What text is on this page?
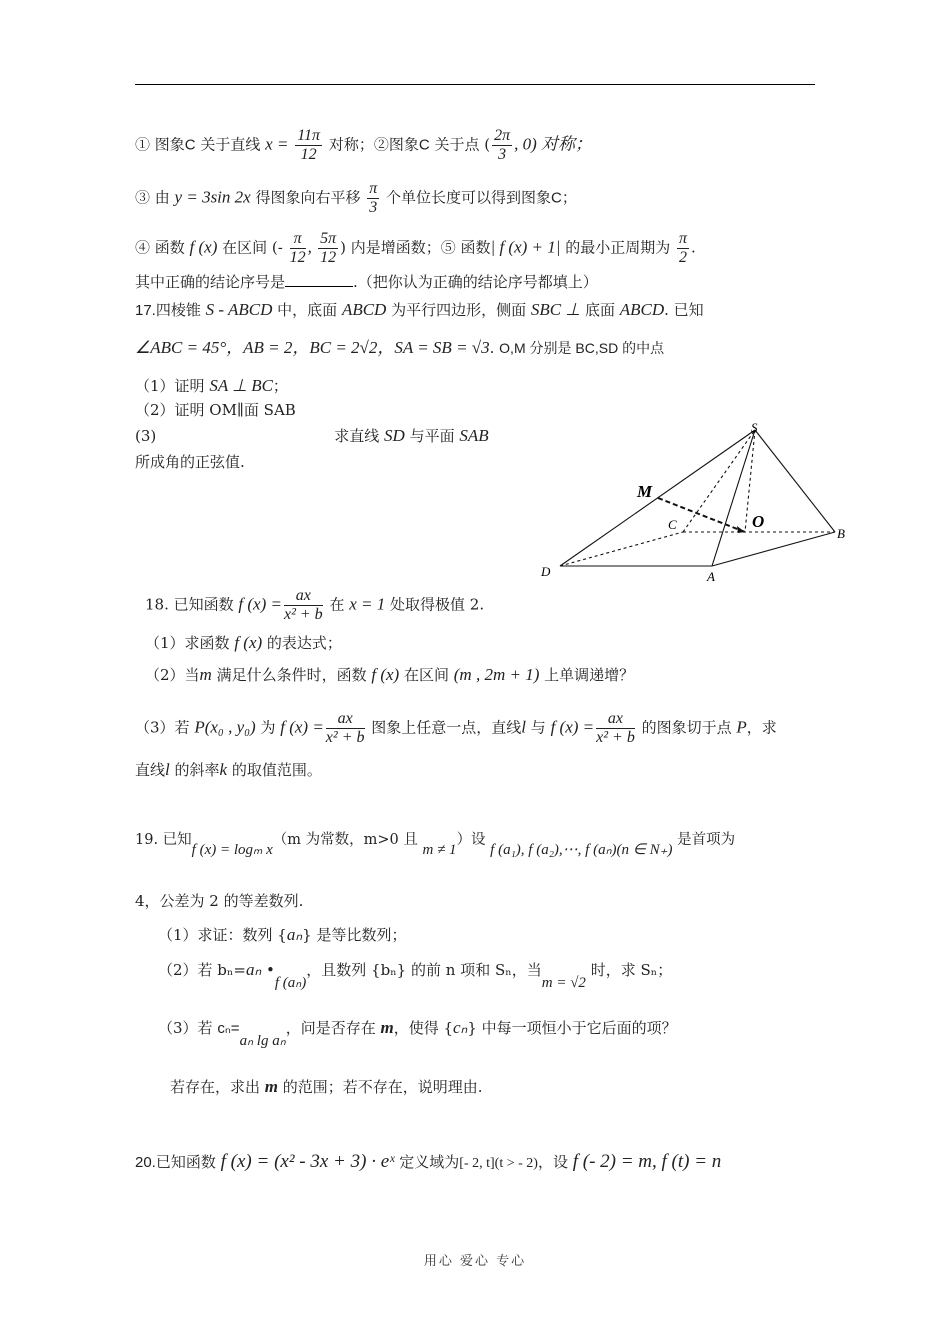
① 图象C 关于直线 $x = \frac{11\pi}{12}$ 对称；②图象C 关于点 ( $\frac{2\pi}{3}$ , 0) 对称；
③ 由 y = 3sin 2x 得图象向右平移 $\frac{\pi}{3}$ 个单位长度可以得到图象C；
④ 函数 f (x) 在区间 (- $\frac{\pi}{12}$ , $\frac{5\pi}{12}$ ) 内是增函数；⑤ 函数| f (x) + 1| 的最小正周期为 $\frac{\pi}{2}$ .
其中正确的结论序号是	.（把你认为正确的结论序号都填上）
17.四棱锥 S - ABCD 中，底面 ABCD 为平行四边形，侧面 SBC ⊥ 底面 ABCD. 已知
∠ABC = 45°，AB = 2，BC = 2√2，SA = SB = √3. O,M 分别是 BC,SD 的中点
（1）证明 SA ⊥ BC；
（2）证明 OM∥面 SAB
(3)	求直线 SD 与平面 SAB
所成角的正弦值.
S
M
C	O
B
D	A
18. 已知函数 f $(x) = \frac{ax}{\text{x² + b}}$ 在 x = 1 处取得极值 2.
（1）求函数 f (x) 的表达式；
（2）当m 满足什么条件时，函数 f (x) 在区间 (m , 2m + 1) 上单调递增？
（3）若 P(x₀ , y₀) 为 f $(x) = \frac{ax}{\text{x² + b}}$ 图象上任意一点，直线l 与 f $(x) = \frac{ax}{\text{x² + b}}$ 的图象切于点 P，求
直线l 的斜率k 的取值范围。
19. 已知f (x) = logₘ x（m 为常数，m>0 且 m ≠ 1）设 f (a₁), f (a₂),⋯, f (aₙ)(n ∈ N₊) 是首项为
4，公差为 2 的等差数列.
（1）求证：数列 {aₙ} 是等比数列；
（2）若 bₙ=aₙ •f (aₙ)，且数列 {bₙ} 的前 n 项和 Sₙ，当m = √2 时，求 Sₙ；
（3）若 cₙ=aₙ lg aₙ，问是否存在 m，使得 {cₙ} 中每一项恒小于它后面的项？
若存在，求出 m 的范围；若不存在，说明理由.
20.已知函数 f (x) = (x² - 3x + 3) · eˣ 定义域为[- 2, t](t > - 2)，设 f (- 2) = m, f (t) = n
用心 爱心 专心
